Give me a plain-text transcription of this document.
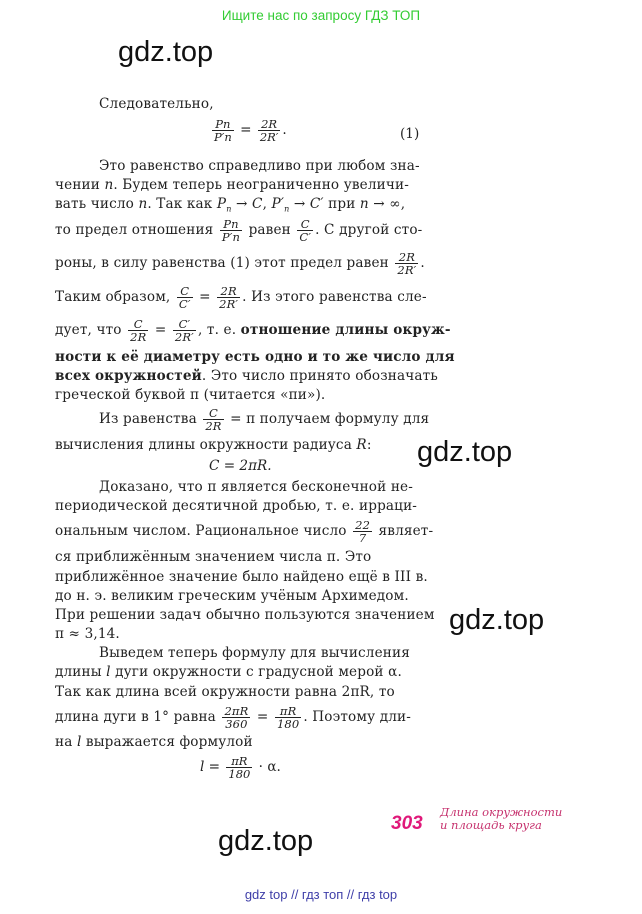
Ищите нас по запросу ГДЗ ТОП
gdz.top
gdz.top
gdz.top
gdz.top
Следовательно,
$\frac{Pn}{P'n} = \frac{2R}{2R'}$ .	(1)
Это равенство справедливо при любом зна-
чении n. Будем теперь неограниченно увеличи-
вать число n. Так как $P_n \to C$, $P'_n \to C'$ при n → ∞,
то предел отношения $\frac{Pn}{P'n}$ равен $\frac{C}{C'}$ . С другой сто-
роны, в силу равенства (1) этот предел равен $\frac{2R}{2R'}$ .
Таким образом, $\frac{C}{C'} = \frac{2R}{2R'}$ . Из этого равенства сле-
дует, что $\frac{C}{2R} = \frac{C'}{2R'}$ , т. е. отношение длины окруж-
ности к её диаметру есть одно и то же число для
всех окружностей. Это число принято обозначать
греческой буквой π (читается «пи»).
Из равенства $\frac{C}{2R} = \pi$ получаем формулу для
вычисления длины окружности радиуса R:
C = 2πR.
Доказано, что π является бесконечной не-
периодической десятичной дробью, т. е. ирраци-
ональным числом. Рациональное число $\frac{22}{7}$ являет-
ся приближённым значением числа π. Это
приближённое значение было найдено ещё в III в.
до н. э. великим греческим учёным Архимедом.
При решении задач обычно пользуются значением
π ≈ 3,14.
Выведем теперь формулу для вычисления
длины l дуги окружности с градусной мерой α.
Так как длина всей окружности равна 2πR, то
длина дуги в 1° равна $\frac{2\pi R}{360} = \frac{\pi R}{180}$ . Поэтому дли-
на l выражается формулой
$l = \frac{\pi R}{180} \cdot \alpha$.
303
Длина окружности
и площадь круга
gdz top // гдз топ // гдз top
